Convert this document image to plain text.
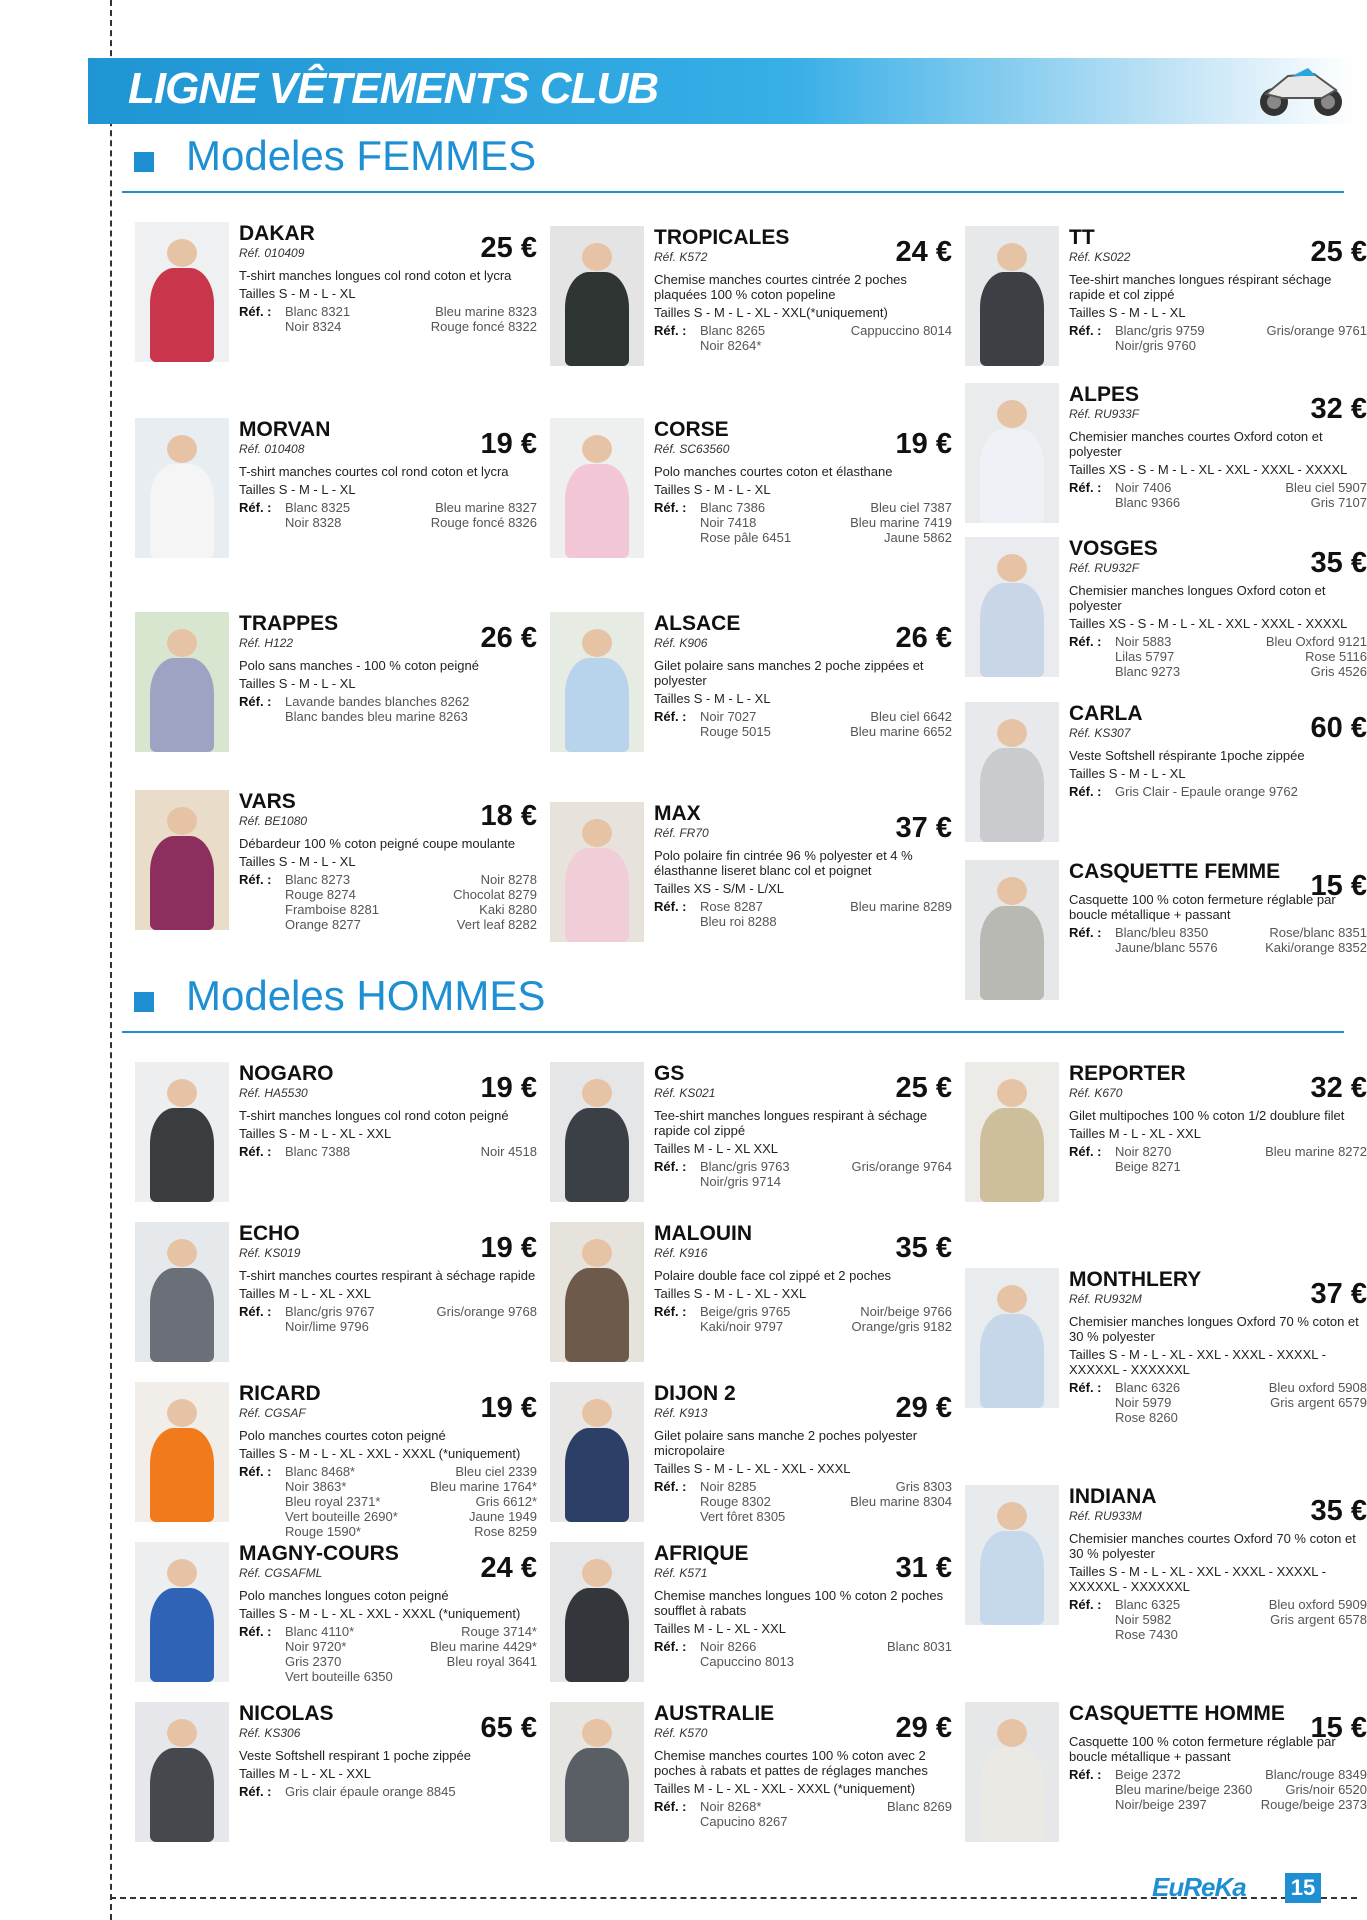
LIGNE VÊTEMENTS CLUB
Modeles FEMMES
Modeles HOMMES
DAKAR
Réf. 010409	25 €
T-shirt manches longues col rond coton et lycra
Tailles S - M - L - XL
Réf. : Blanc 8321	Bleu marine 8323
Noir 8324	Rouge foncé 8322
MORVAN
Réf. 010408	19 €
T-shirt manches courtes col rond coton et lycra
Tailles S - M - L - XL
Réf. : Blanc 8325	Bleu marine 8327
Noir 8328	Rouge foncé 8326
TRAPPES
Réf. H122	26 €
Polo sans manches - 100 % coton peigné
Tailles S - M - L - XL
Réf. : Lavande bandes blanches 8262
Blanc bandes bleu marine 8263
VARS
Réf. BE1080	18 €
Débardeur 100 % coton peigné coupe moulante
Tailles S - M - L - XL
Réf. : Blanc 8273	Noir 8278
Rouge 8274	Chocolat 8279
Framboise 8281	Kaki 8280
Orange 8277	Vert leaf 8282
TROPICALES
Réf. K572	24 €
Chemise manches courtes cintrée 2 poches plaquées 100 % coton popeline
Tailles S - M - L - XL - XXL(*uniquement)
Réf. : Blanc 8265	Cappuccino 8014
Noir 8264*
CORSE
Réf. SC63560	19 €
Polo manches courtes coton et élasthane
Tailles S - M - L - XL
Réf. : Blanc 7386	Bleu ciel 7387
Noir 7418	Bleu marine 7419
Rose pâle 6451	Jaune 5862
ALSACE
Réf. K906	26 €
Gilet polaire sans manches 2 poche zippées et polyester
Tailles S - M - L - XL
Réf. : Noir 7027	Bleu ciel 6642
Rouge 5015	Bleu marine 6652
MAX
Réf. FR70	37 €
Polo polaire fin cintrée 96 % polyester et 4 % élasthanne liseret blanc col et poignet
Tailles XS - S/M - L/XL
Réf. : Rose 8287	Bleu marine 8289
Bleu roi 8288
TT
Réf. KS022	25 €
Tee-shirt manches longues réspirant séchage rapide et col zippé
Tailles S - M - L - XL
Réf. : Blanc/gris 9759	Gris/orange 9761
Noir/gris 9760
ALPES
Réf. RU933F	32 €
Chemisier manches courtes Oxford coton et polyester
Tailles XS - S - M - L - XL - XXL - XXXL - XXXXL
Réf. : Noir 7406	Bleu ciel 5907
Blanc 9366	Gris 7107
VOSGES
Réf. RU932F	35 €
Chemisier manches longues Oxford coton et polyester
Tailles XS - S - M - L - XL - XXL - XXXL - XXXXL
Réf. : Noir 5883	Bleu Oxford 9121
Lilas 5797	Rose 5116
Blanc 9273	Gris 4526
CARLA
Réf. KS307	60 €
Veste Softshell réspirante 1poche zippée
Tailles S - M - L - XL
Réf. : Gris Clair - Epaule orange 9762
CASQUETTE FEMME	15 €
Casquette 100 % coton fermeture réglable par boucle métallique + passant
Réf. : Blanc/bleu 8350	Rose/blanc 8351
Jaune/blanc 5576	Kaki/orange 8352
NOGARO
Réf. HA5530	19 €
T-shirt manches longues col rond coton peigné
Tailles S - M - L - XL - XXL
Réf. : Blanc 7388	Noir 4518
ECHO
Réf. KS019	19 €
T-shirt manches courtes respirant à séchage rapide
Tailles M - L - XL - XXL
Réf. : Blanc/gris 9767	Gris/orange 9768
Noir/lime 9796
RICARD
Réf. CGSAF	19 €
Polo manches courtes coton peigné
Tailles S - M - L - XL - XXL - XXXL (*uniquement)
Réf. : Blanc 8468*	Bleu ciel 2339
Noir 3863*	Bleu marine 1764*
Bleu royal 2371*	Gris 6612*
Vert bouteille 2690*	Jaune 1949
Rouge 1590*	Rose 8259
MAGNY-COURS
Réf. CGSAFML	24 €
Polo manches longues coton peigné
Tailles S - M - L - XL - XXL - XXXL (*uniquement)
Réf. : Blanc 4110*	Rouge 3714*
Noir 9720*	Bleu marine 4429*
Gris 2370	Bleu royal 3641
Vert bouteille 6350
NICOLAS
Réf. KS306	65 €
Veste Softshell respirant 1 poche zippée
Tailles M - L - XL - XXL
Réf. : Gris clair épaule orange 8845
GS
Réf. KS021	25 €
Tee-shirt manches longues respirant à séchage rapide col zippé
Tailles M - L - XL XXL
Réf. : Blanc/gris 9763	Gris/orange 9764
Noir/gris 9714
MALOUIN
Réf. K916	35 €
Polaire double face col zippé et 2 poches
Tailles S - M - L - XL - XXL
Réf. : Beige/gris 9765	Noir/beige 9766
Kaki/noir 9797	Orange/gris 9182
DIJON 2
Réf. K913	29 €
Gilet polaire sans manche 2 poches polyester micropolaire
Tailles S - M - L - XL - XXL - XXXL
Réf. : Noir 8285	Gris 8303
Rouge 8302	Bleu marine 8304
Vert fôret 8305
AFRIQUE
Réf. K571	31 €
Chemise manches longues 100 % coton 2 poches soufflet à rabats
Tailles M - L - XL - XXL
Réf. : Noir 8266	Blanc 8031
Capuccino 8013
AUSTRALIE
Réf. K570	29 €
Chemise manches courtes 100 % coton avec 2 poches à rabats et pattes de réglages manches
Tailles M - L - XL - XXL - XXXL (*uniquement)
Réf. : Noir 8268*	Blanc 8269
Capucino 8267
REPORTER
Réf. K670	32 €
Gilet multipoches 100 % coton 1/2 doublure filet
Tailles M - L - XL - XXL
Réf. : Noir 8270	Bleu marine 8272
Beige 8271
MONTHLERY
Réf. RU932M	37 €
Chemisier manches longues Oxford 70 % coton et 30 % polyester
Tailles S - M - L - XL - XXL - XXXL - XXXXL - XXXXXL - XXXXXXL
Réf. : Blanc 6326	Bleu oxford 5908
Noir 5979	Gris argent 6579
Rose 8260
INDIANA
Réf. RU933M	35 €
Chemisier manches courtes Oxford 70 % coton et 30 % polyester
Tailles S - M - L - XL - XXL - XXXL - XXXXL - XXXXXL - XXXXXXL
Réf. : Blanc 6325	Bleu oxford 5909
Noir 5982	Gris argent 6578
Rose 7430
CASQUETTE HOMME 15 €
Casquette 100 % coton fermeture réglable par boucle métallique + passant
Réf. : Beige 2372	Blanc/rouge 8349
Bleu marine/beige 2360	Gris/noir 6520
Noir/beige 2397	Rouge/beige 2373
EuReKa 15
